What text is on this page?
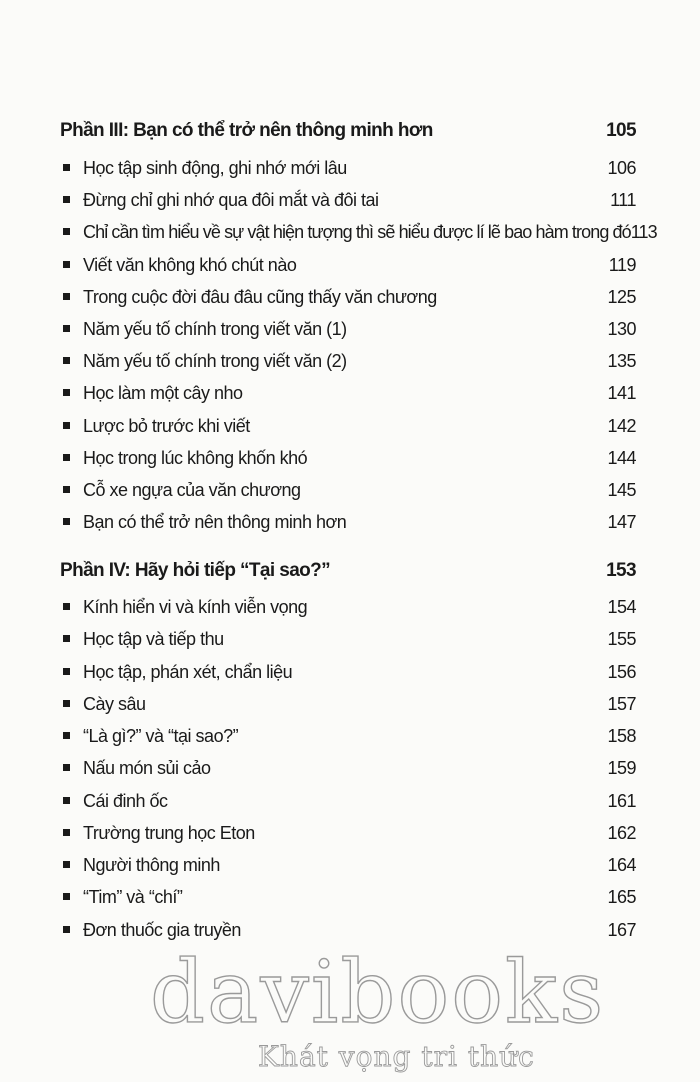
Phần III: Bạn có thể trở nên thông minh hơn	105
Học tập sinh động, ghi nhớ mới lâu	106
Đừng chỉ ghi nhớ qua đôi mắt và đôi tai	111
Chỉ cần tìm hiểu về sự vật hiện tượng thì sẽ hiểu được lí lẽ bao hàm trong đó 113
Viết văn không khó chút nào	119
Trong cuộc đời đâu đâu cũng thấy văn chương	125
Năm yếu tố chính trong viết văn (1)	130
Năm yếu tố chính trong viết văn (2)	135
Học làm một cây nho	141
Lược bỏ trước khi viết	142
Học trong lúc không khốn khó	144
Cỗ xe ngựa của văn chương	145
Bạn có thể trở nên thông minh hơn	147
Phần IV: Hãy hỏi tiếp “Tại sao?”	153
Kính hiển vi và kính viễn vọng	154
Học tập và tiếp thu	155
Học tập, phán xét, chẩn liệu	156
Cày sâu	157
“Là gì?” và “tại sao?”	158
Nấu món sủi cảo	159
Cái đinh ốc	161
Trường trung học Eton	162
Người thông minh	164
“Tim” và “chí”	165
Đơn thuốc gia truyền	167
davibooks
Khát vọng tri thức
